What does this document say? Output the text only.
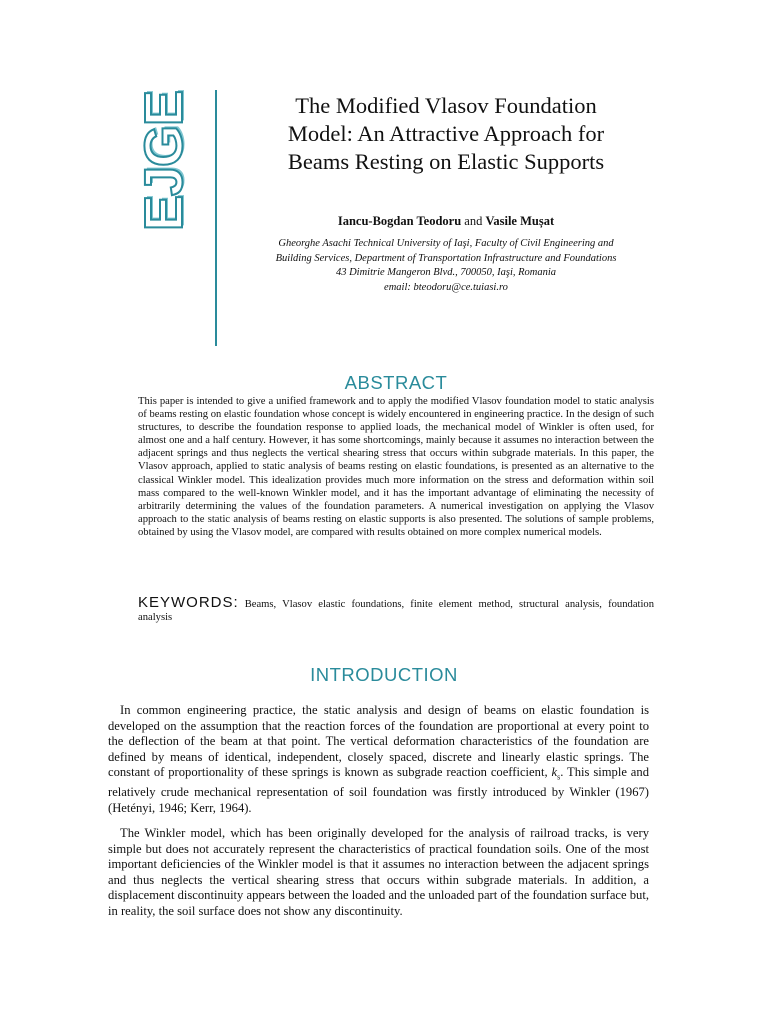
EJGE	The Modified Vlasov Foundation
Model: An Attractive Approach for
Beams Resting on Elastic Supports
Iancu-Bogdan Teodoru and Vasile Mușat
Gheorghe Asachi Technical University of Iaşi, Faculty of Civil Engineering and
Building Services, Department of Transportation Infrastructure and Foundations
43 Dimitrie Mangeron Blvd., 700050, Iaşi, Romania
email: bteodoru@ce.tuiasi.ro
ABSTRACT

This paper is intended to give a unified framework and to apply the modified Vlasov foundation model to static analysis of beams resting on elastic foundation whose concept is widely encountered in engineering practice. In the design of such structures, to describe the foundation response to applied loads, the mechanical model of Winkler is often used, for almost one and a half century. However, it has some shortcomings, mainly because it assumes no interaction between the adjacent springs and thus neglects the vertical shearing stress that occurs within subgrade materials. In this paper, the Vlasov approach, applied to static analysis of beams resting on elastic foundations, is presented as an alternative to the classical Winkler model. This idealization provides much more information on the stress and deformation within soil mass compared to the well-known Winkler model, and it has the important advantage of eliminating the necessity of arbitrarily determining the values of the foundation parameters. A numerical investigation on applying the Vlasov approach to the static analysis of beams resting on elastic supports is also presented. The solutions of sample problems, obtained by using the Vlasov model, are compared with results obtained on more complex numerical models.

KEYWORDS: Beams, Vlasov elastic foundations, finite element method, structural analysis, foundation analysis

INTRODUCTION

In common engineering practice, the static analysis and design of beams on elastic foundation is developed on the assumption that the reaction forces of the foundation are proportional at every point to the deflection of the beam at that point. The vertical deformation characteristics of the foundation are defined by means of identical, independent, closely spaced, discrete and linearly elastic springs. The constant of proportionality of these springs is known as subgrade reaction coefficient, $k_s$. This simple and relatively crude mechanical representation of soil foundation was firstly introduced by Winkler (1967) (Hetényi, 1946; Kerr, 1964).

The Winkler model, which has been originally developed for the analysis of railroad tracks, is very simple but does not accurately represent the characteristics of practical foundation soils. One of the most important deficiencies of the Winkler model is that it assumes no interaction between the adjacent springs and thus neglects the vertical shearing stress that occurs within subgrade materials. In addition, a displacement discontinuity appears between the loaded and the unloaded part of the foundation surface but, in reality, the soil surface does not show any discontinuity.
